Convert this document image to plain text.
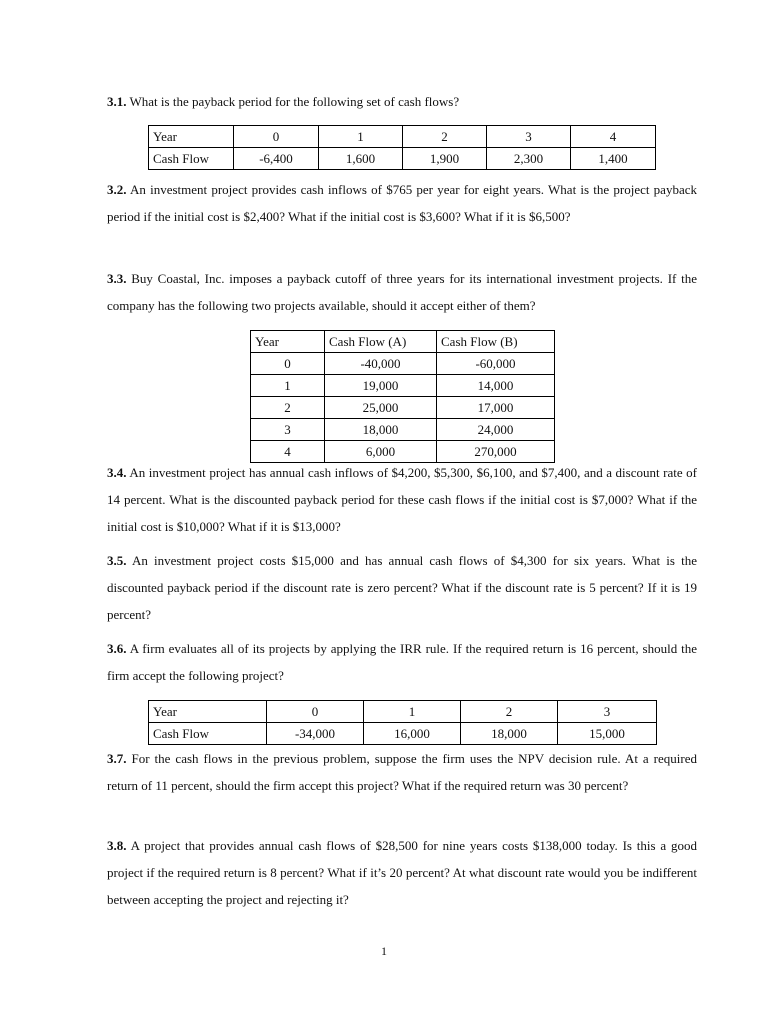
3.1. What is the payback period for the following set of cash flows?

Year	0	1	2	3	4
Cash Flow	-6,400	1,600	1,900	2,300	1,400

3.2. An investment project provides cash inflows of $765 per year for eight years. What is the project payback period if the initial cost is $2,400? What if the initial cost is $3,600? What if it is $6,500?

3.3. Buy Coastal, Inc. imposes a payback cutoff of three years for its international investment projects. If the company has the following two projects available, should it accept either of them?

Year	Cash Flow (A)	Cash Flow (B)
0	-40,000	-60,000
1	19,000	14,000
2	25,000	17,000
3	18,000	24,000
4	6,000	270,000

3.4. An investment project has annual cash inflows of $4,200, $5,300, $6,100, and $7,400, and a discount rate of 14 percent. What is the discounted payback period for these cash flows if the initial cost is $7,000? What if the initial cost is $10,000? What if it is $13,000?

3.5. An investment project costs $15,000 and has annual cash flows of $4,300 for six years. What is the discounted payback period if the discount rate is zero percent? What if the discount rate is 5 percent? If it is 19 percent?

3.6. A firm evaluates all of its projects by applying the IRR rule. If the required return is 16 percent, should the firm accept the following project?

Year	0	1	2	3
Cash Flow	-34,000	16,000	18,000	15,000

3.7. For the cash flows in the previous problem, suppose the firm uses the NPV decision rule. At a required return of 11 percent, should the firm accept this project? What if the required return was 30 percent?

3.8. A project that provides annual cash flows of $28,500 for nine years costs $138,000 today. Is this a good project if the required return is 8 percent? What if it’s 20 percent? At what discount rate would you be indifferent between accepting the project and rejecting it?

1
